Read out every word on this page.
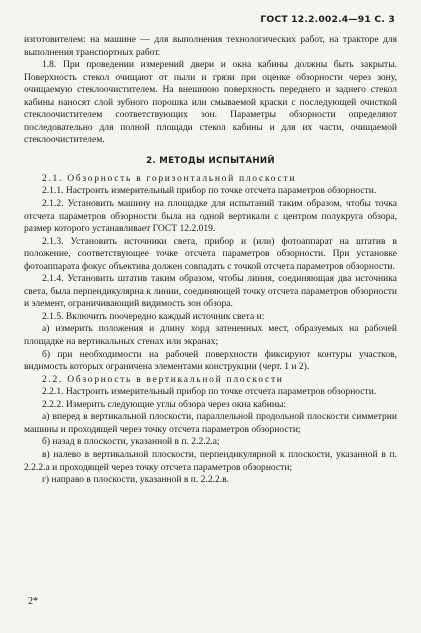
ГОСТ 12.2.002.4—91 С. 3

изготовителем: на машине — для выполнения технологических работ, на тракторе для выполнения транспортных работ.

1.8. При проведении измерений двери и окна кабины должны быть закрыты. Поверхность стекол очищают от пыли и грязи при оценке обзорности через зону, очищаемую стеклоочистителем. На внешнюю поверхность переднего и заднего стекол кабины наносят слой зубного порошка или смываемой краски с последующей очисткой стеклоочистителем соответствующих зон. Параметры обзорности определяют последовательно для полной площади стекол кабины и для их части, очищаемой стеклоочистителем.

2. МЕТОДЫ ИСПЫТАНИЙ

2.1. Обзорность в горизонтальной плоскости

2.1.1. Настроить измерительный прибор по точке отсчета параметров обзорности.

2.1.2. Установить машину на площадке для испытаний таким образом, чтобы точка отсчета параметров обзорности была на одной вертикали с центром полукруга обзора, размер которого устанавливает ГОСТ 12.2.019.

2.1.3. Установить источники света, прибор и (или) фотоаппарат на штатив в положение, соответствующее точке отсчета параметров обзорности. При установке фотоаппарата фокус объектива должен совпадать с точкой отсчета параметров обзорности.

2.1.4. Установить штатив таким образом, чтобы линия, соединяющая два источника света, была перпендикулярна к линии, соединяющей точку отсчета параметров обзорности и элемент, ограничивающий видимость зон обзора.

2.1.5. Включить поочередно каждый источник света и:

а) измерить положения и длину хорд затененных мест, образуемых на рабочей площадке на вертикальных стенах или экранах;

б) при необходимости на рабочей поверхности фиксируют контуры участков, видимость которых ограничена элементами конструкции (черт. 1 и 2).

2.2. Обзорность в вертикальной плоскости

2.2.1. Настроить измерительный прибор по точке отсчета параметров обзорности.

2.2.2. Измерить следующие углы обзора через окна кабины:

а) вперед в вертикальной плоскости, параллельной продольной плоскости симметрии машины и проходящей через точку отсчета параметров обзорности;

б) назад в плоскости, указанной в п. 2.2.2.а;

в) налево в вертикальной плоскости, перпендикулярной к плоскости, указанной в п. 2.2.2.а и проходящей через точку отсчета параметров обзорности;

г) направо в плоскости, указанной в п. 2.2.2.в.

2*
